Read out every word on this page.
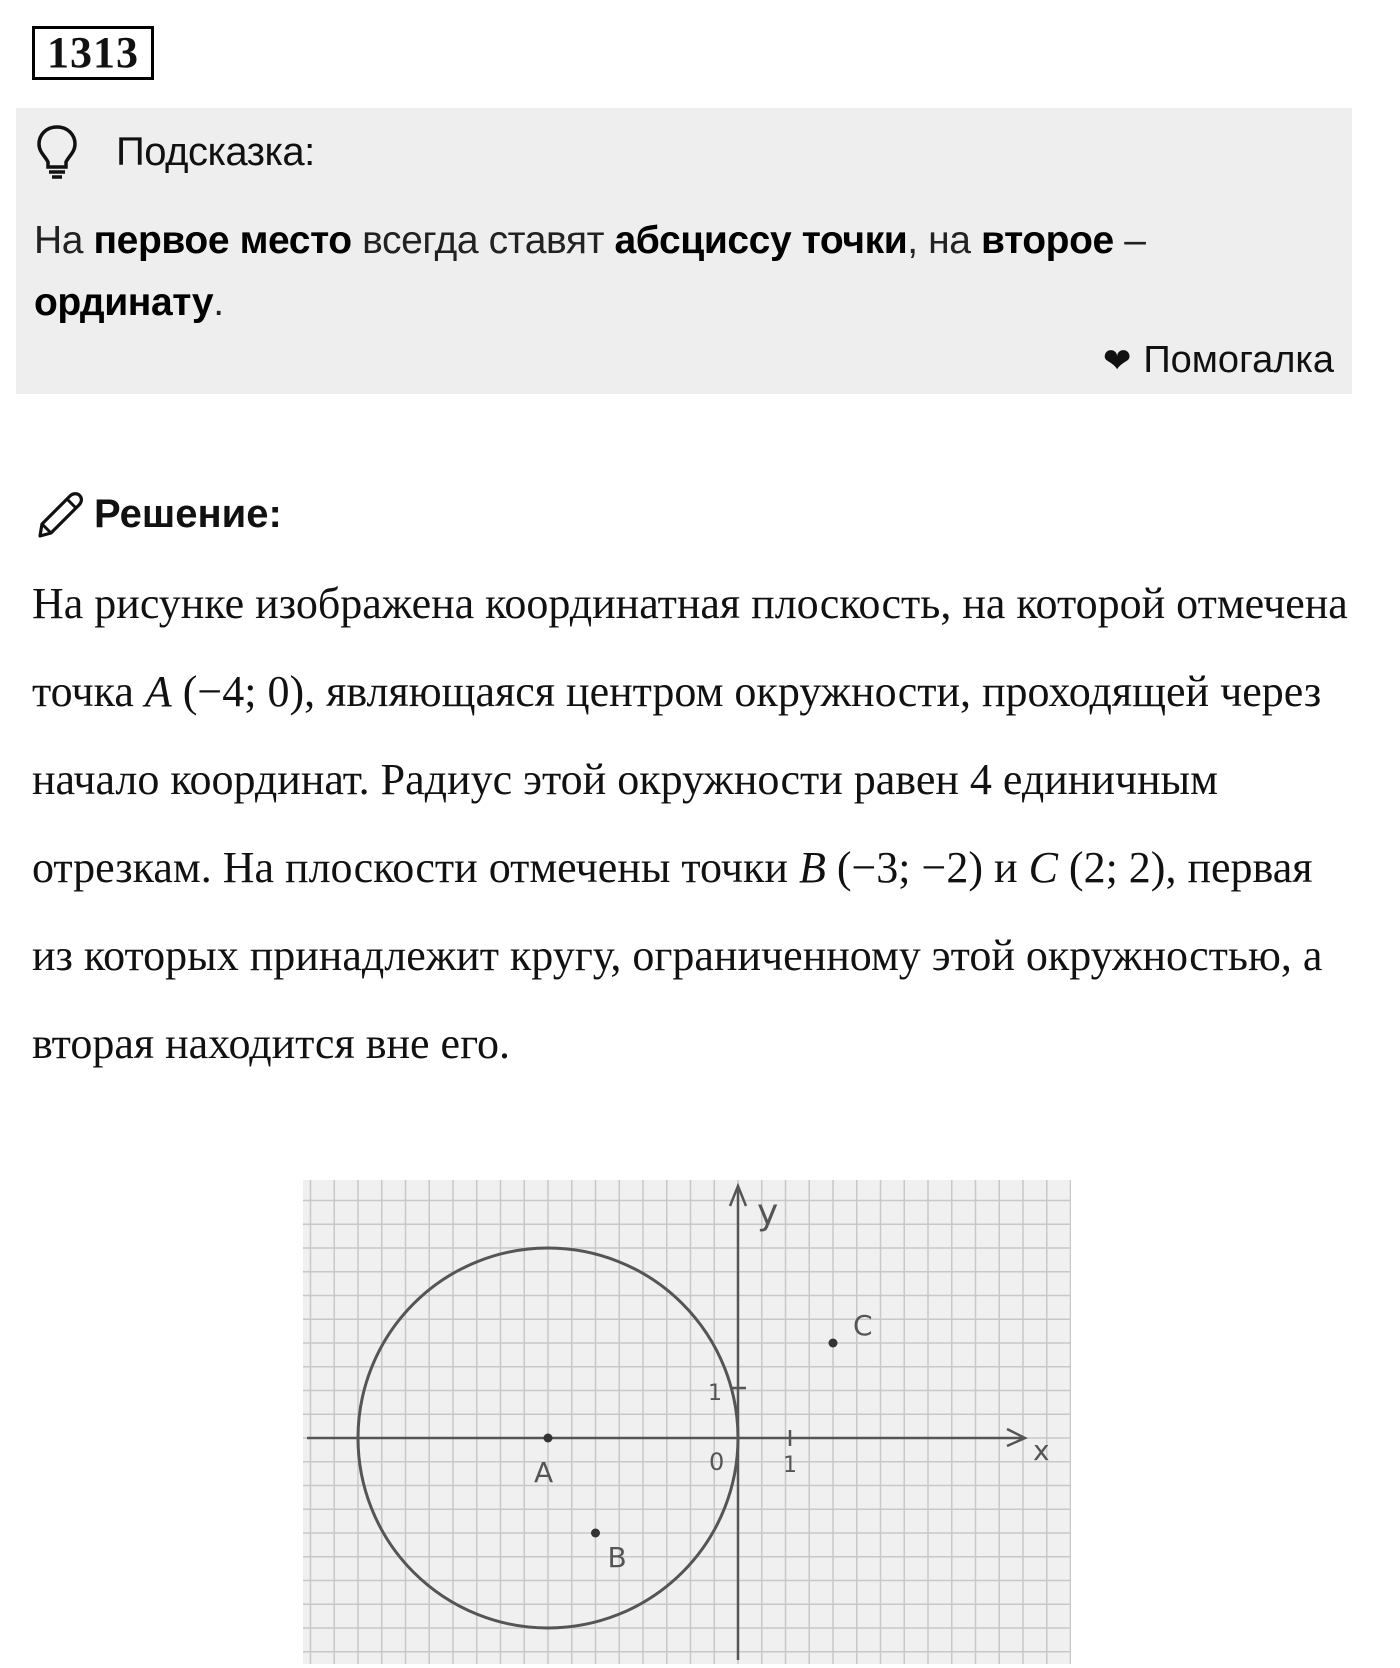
1313
Подсказка:
На первое место всегда ставят абсциссу точки, на второе – ординату.
❤ Помогалка
Решение:
На рисунке изображена координатная плоскость, на которой отмечена точка A (−4; 0), являющаяся центром окружности, проходящей через начало координат. Радиус этой окружности равен 4 единичным отрезкам. На плоскости отмечены точки B (−3; −2) и C (2; 2), первая из которых принадлежит кругу, ограниченному этой окружностью, а вторая находится вне его.
A
B
C
x
y
0	1
1
